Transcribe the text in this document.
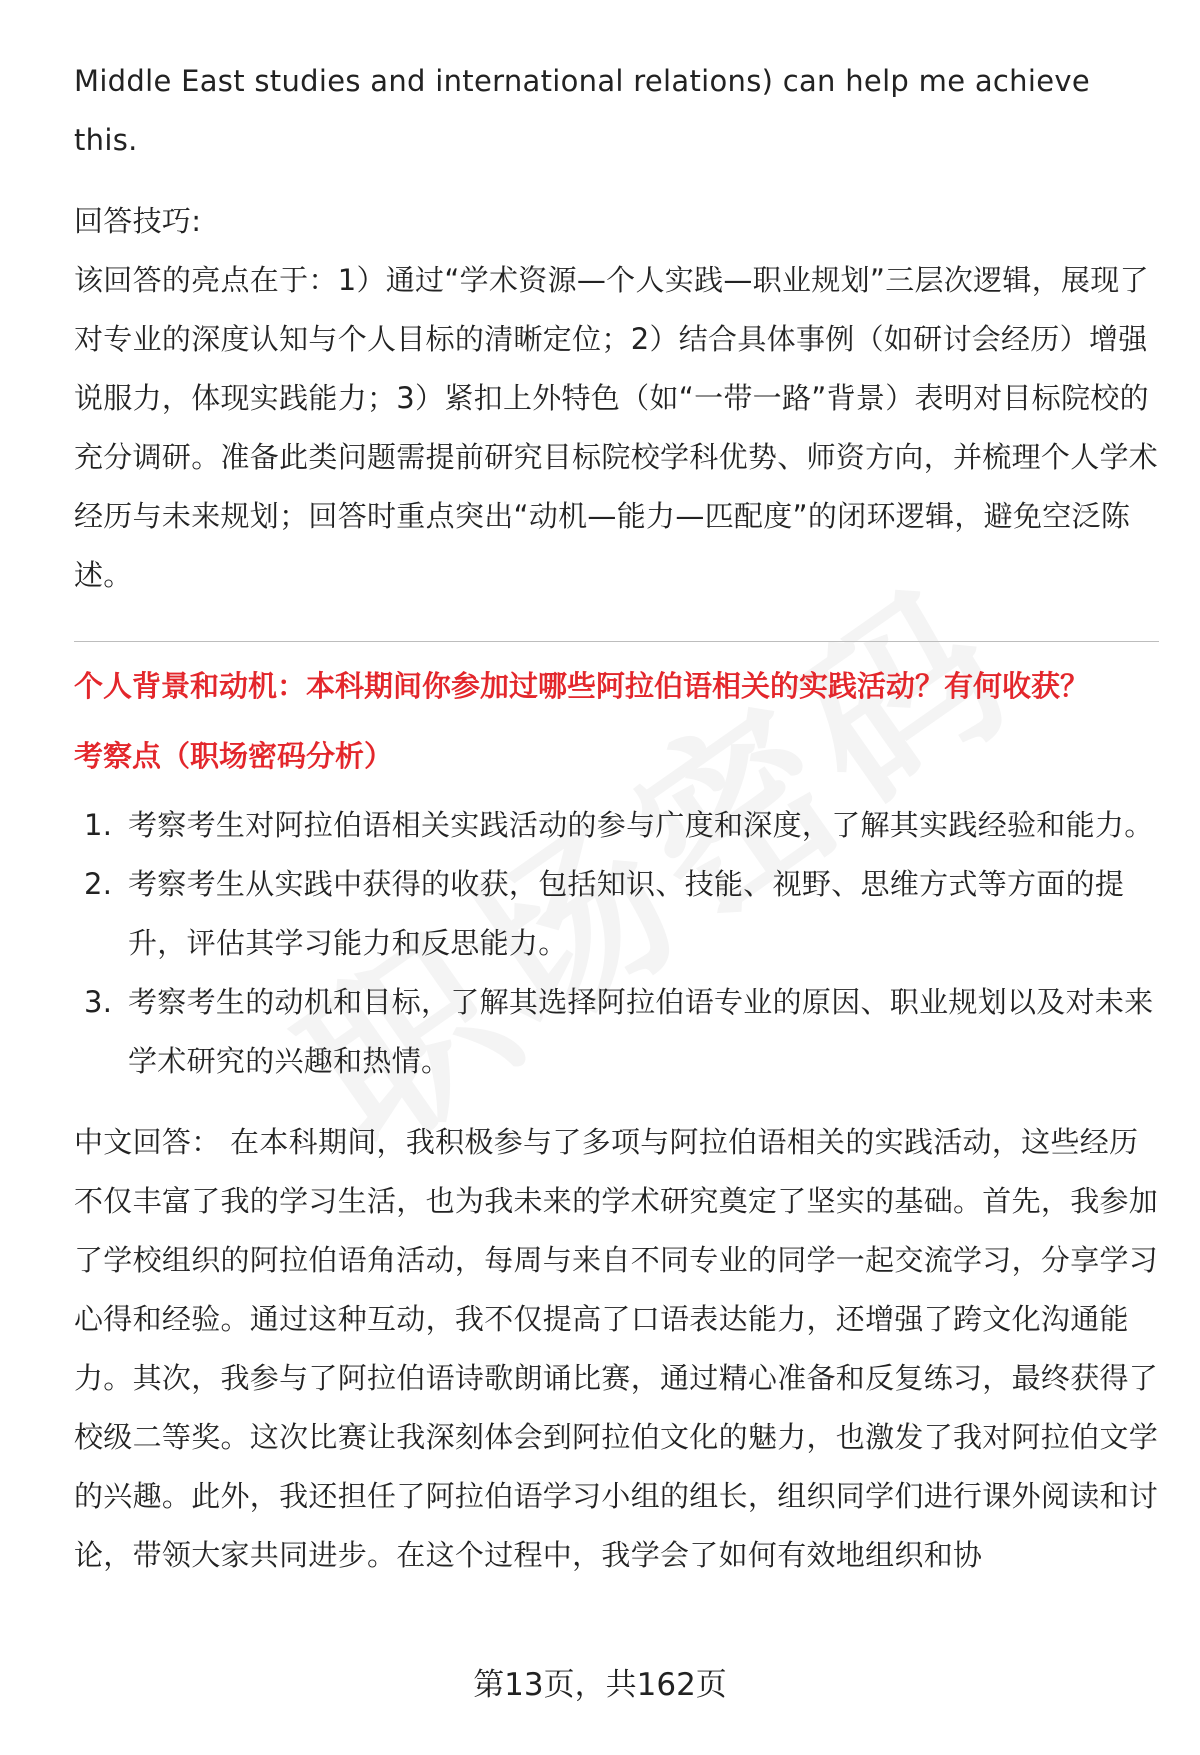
Middle East studies and international relations) can help me achieve this.

回答技巧:

该回答的亮点在于：1）通过“学术资源—个人实践—职业规划”三层次逻辑，展现了对专业的深度认知与个人目标的清晰定位；2）结合具体事例（如研讨会经历）增强说服力，体现实践能力；3）紧扣上外特色（如“一带一路”背景）表明对目标院校的充分调研。准备此类问题需提前研究目标院校学科优势、师资方向，并梳理个人学术经历与未来规划；回答时重点突出“动机—能力—匹配度”的闭环逻辑，避免空泛陈述。

个人背景和动机：本科期间你参加过哪些阿拉伯语相关的实践活动？有何收获？

考察点（职场密码分析）

1. 考察考生对阿拉伯语相关实践活动的参与广度和深度，了解其实践经验和能力。
2. 考察考生从实践中获得的收获，包括知识、技能、视野、思维方式等方面的提升，评估其学习能力和反思能力。
3. 考察考生的动机和目标，了解其选择阿拉伯语专业的原因、职业规划以及对未来学术研究的兴趣和热情。

中文回答： 在本科期间，我积极参与了多项与阿拉伯语相关的实践活动，这些经历不仅丰富了我的学习生活，也为我未来的学术研究奠定了坚实的基础。首先，我参加了学校组织的阿拉伯语角活动，每周与来自不同专业的同学一起交流学习，分享学习心得和经验。通过这种互动，我不仅提高了口语表达能力，还增强了跨文化沟通能力。其次，我参与了阿拉伯语诗歌朗诵比赛，通过精心准备和反复练习，最终获得了校级二等奖。这次比赛让我深刻体会到阿拉伯文化的魅力，也激发了我对阿拉伯文学的兴趣。此外，我还担任了阿拉伯语学习小组的组长，组织同学们进行课外阅读和讨论，带领大家共同进步。在这个过程中，我学会了如何有效地组织和协

第13页，共162页
